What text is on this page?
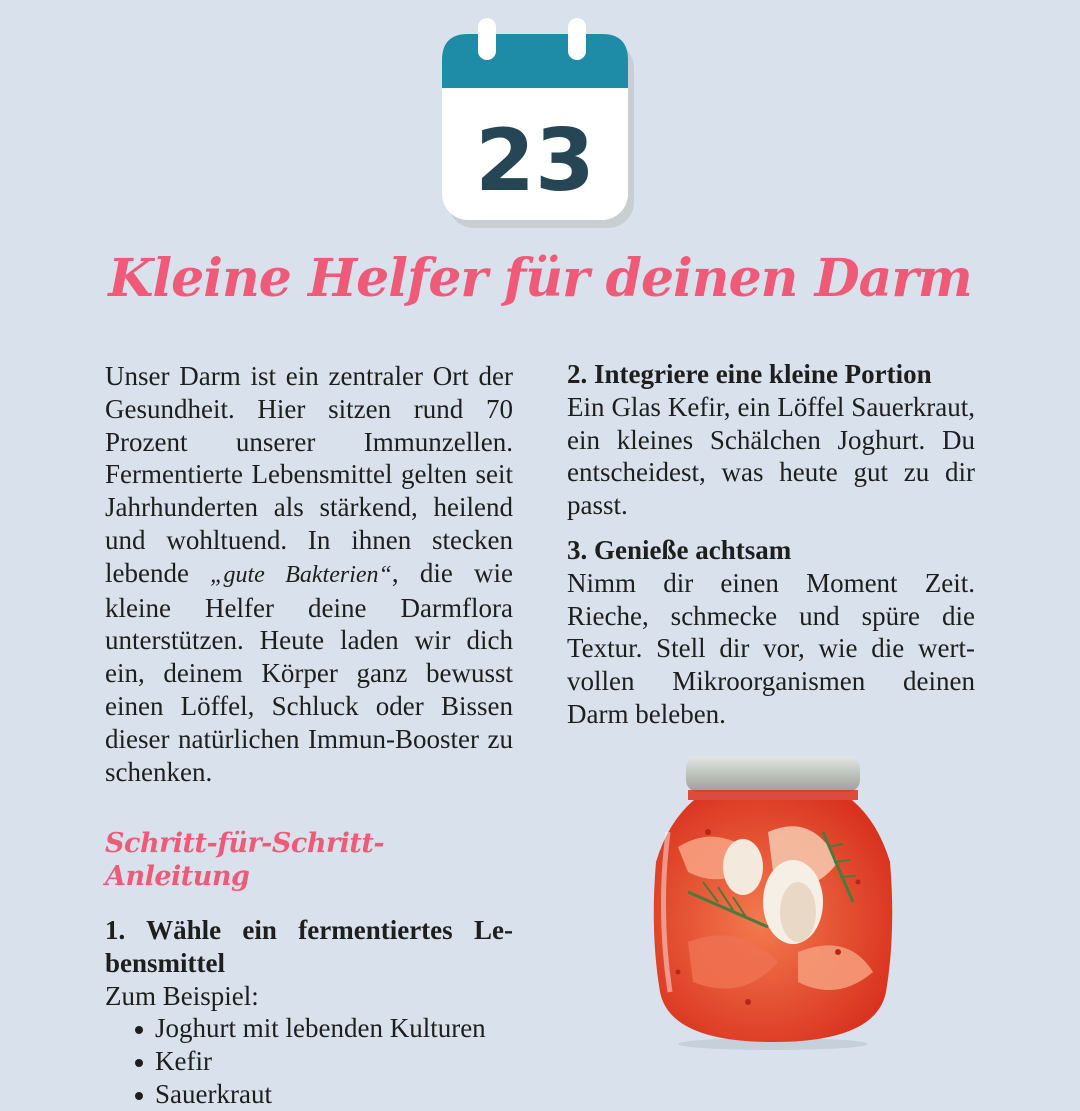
23
Kleine Helfer für deinen Darm

Unser Darm ist ein zentraler Ort der Gesundheit. Hier sitzen rund 70 Prozent unserer Immunzellen. Fermentierte Lebensmittel gelten seit Jahrhunderten als stärkend, heilend und wohltuend. In ihnen stecken lebende „gute Bakterien“, die wie kleine Helfer deine Darmflora unterstützen. Heute laden wir dich ein, deinem Körper ganz bewusst einen Löffel, Schluck oder Bissen dieser natürlichen Immun-Booster zu schenken.

Schritt-für-Schritt-Anleitung
1. Wähle ein fermentiertes Lebensmittel
Zum Beispiel:
Joghurt mit lebenden Kulturen
Kefir
Sauerkraut
2. Integriere eine kleine Portion
Ein Glas Kefir, ein Löffel Sauerkraut, ein kleines Schälchen Joghurt. Du entscheidest, was heute gut zu dir passt.
3. Genieße achtsam
Nimm dir einen Moment Zeit. Rieche, schmecke und spüre die Textur. Stell dir vor, wie die wertvollen Mikroorganismen deinen Darm beleben.
